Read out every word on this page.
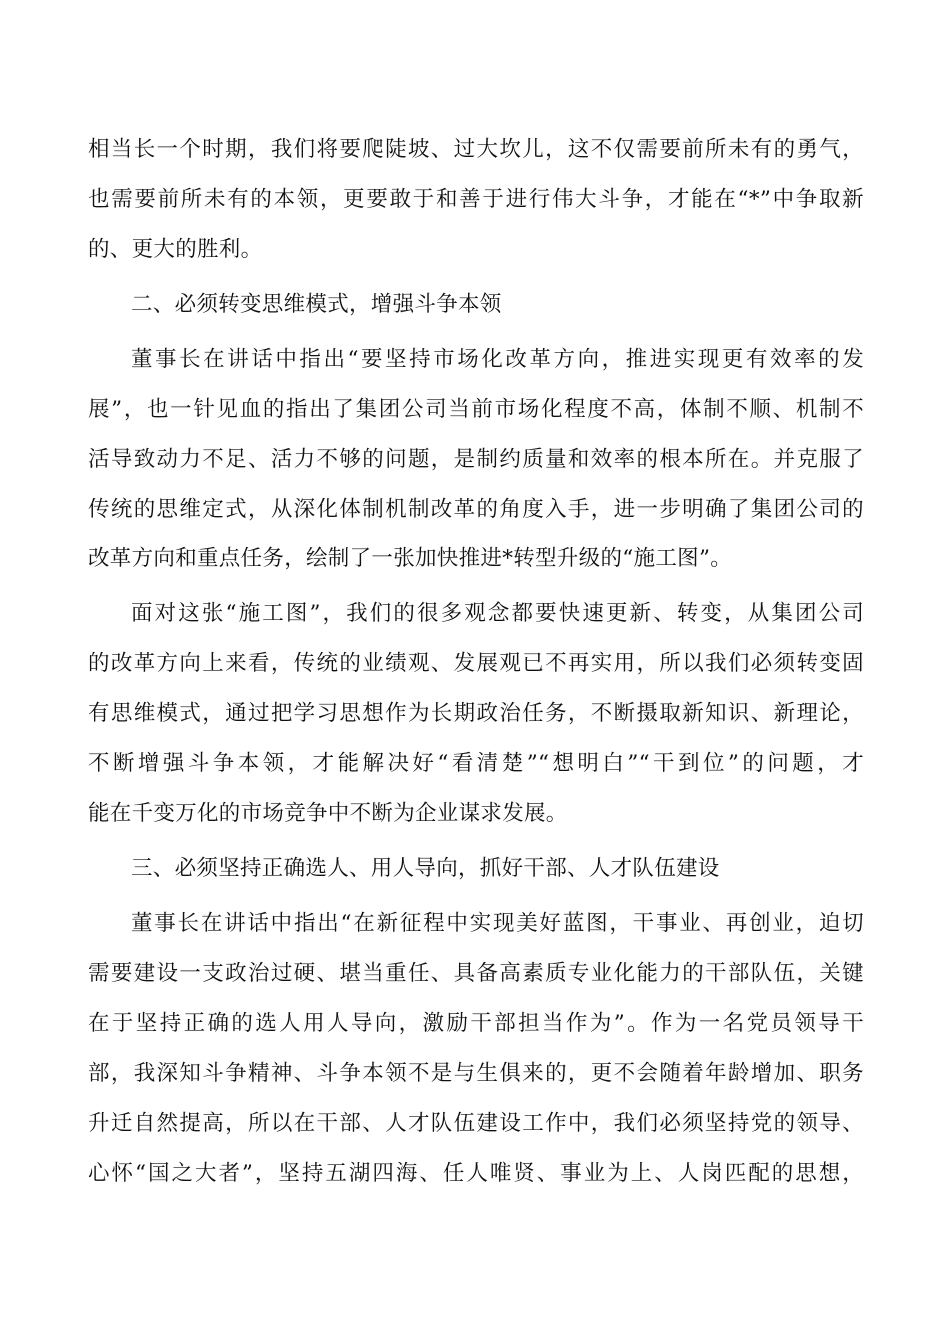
相当长一个时期，我们将要爬陡坡、过大坎儿，这不仅需要前所未有的勇气，
也需要前所未有的本领，更要敢于和善于进行伟大斗争，才能在“*”中争取新
的、更大的胜利。
二、必须转变思维模式，增强斗争本领
董事长在讲话中指出“要坚持市场化改革方向，推进实现更有效率的发
展”，也一针见血的指出了集团公司当前市场化程度不高，体制不顺、机制不
活导致动力不足、活力不够的问题，是制约质量和效率的根本所在。并克服了
传统的思维定式，从深化体制机制改革的角度入手，进一步明确了集团公司的
改革方向和重点任务，绘制了一张加快推进*转型升级的“施工图”。
面对这张“施工图”，我们的很多观念都要快速更新、转变，从集团公司
的改革方向上来看，传统的业绩观、发展观已不再实用，所以我们必须转变固
有思维模式，通过把学习思想作为长期政治任务，不断摄取新知识、新理论，
不断增强斗争本领，才能解决好“看清楚”“想明白”“干到位”的问题，才
能在千变万化的市场竞争中不断为企业谋求发展。
三、必须坚持正确选人、用人导向，抓好干部、人才队伍建设
董事长在讲话中指出“在新征程中实现美好蓝图，干事业、再创业，迫切
需要建设一支政治过硬、堪当重任、具备高素质专业化能力的干部队伍，关键
在于坚持正确的选人用人导向，激励干部担当作为”。作为一名党员领导干
部，我深知斗争精神、斗争本领不是与生俱来的，更不会随着年龄增加、职务
升迁自然提高，所以在干部、人才队伍建设工作中，我们必须坚持党的领导、
心怀“国之大者”，坚持五湖四海、任人唯贤、事业为上、人岗匹配的思想，
